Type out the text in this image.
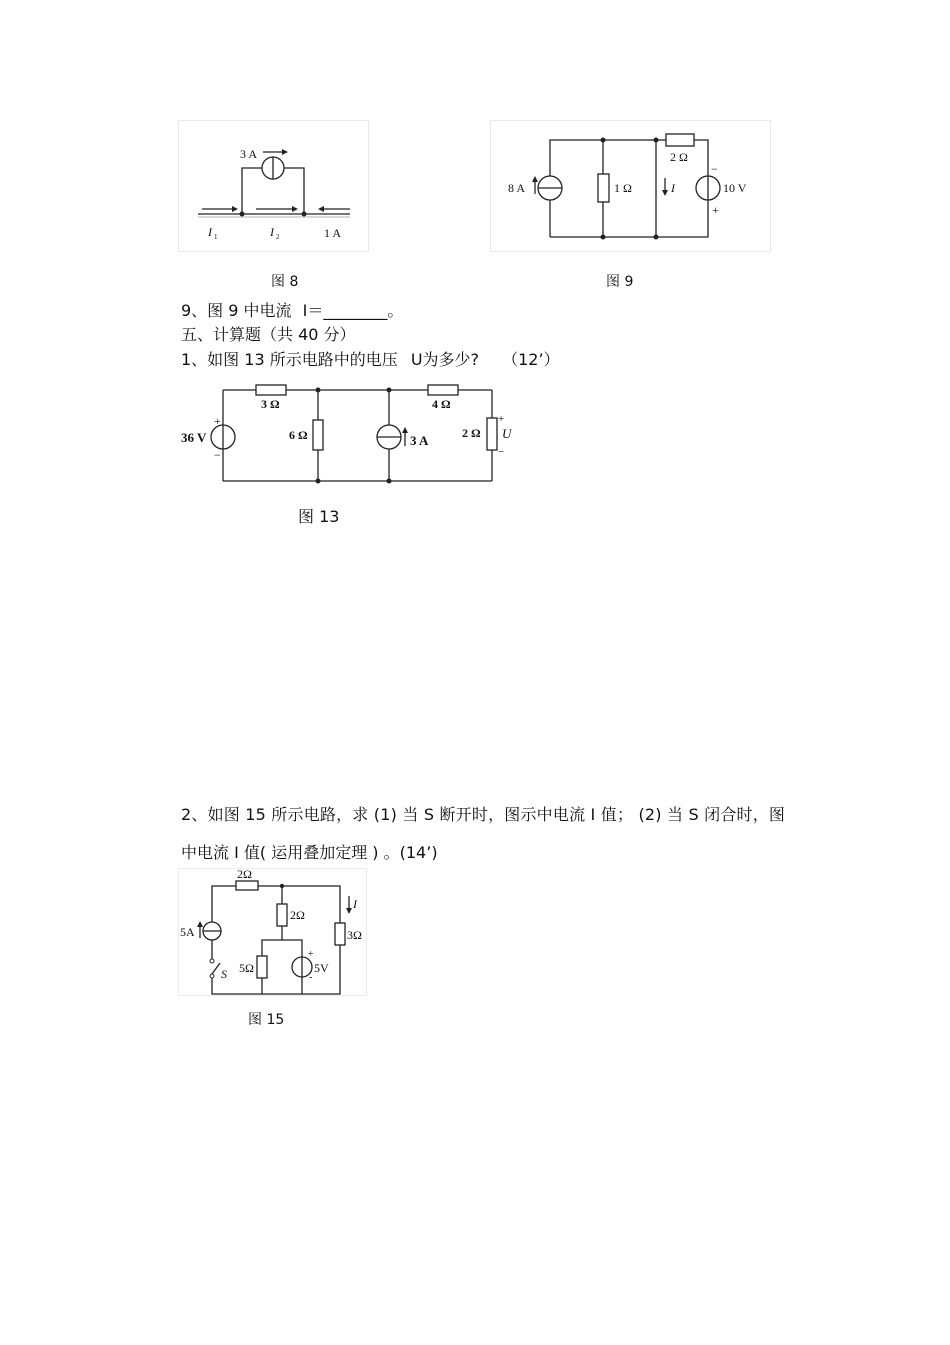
3 A
I 1	I 2	1 A
图 8
8 A	1 Ω
2 Ω
I	10 V
−
+
图 9
9、图 9 中电流 I＝________。
五、计算题（共 40 分）
1、如图 13 所示电路中的电压 U为多少? （12’）
36 V
+
−
3 Ω
6 Ω	3 A
4 Ω
2 Ω U
+
−
图 13
2、如图 15 所示电路，求 (1) 当 S 断开时，图示中电流 I 值； (2) 当 S 闭合时，图
中电流 I 值( 运用叠加定理 ) 。(14’)
5A
S
2Ω
2Ω
5Ω
+
5V
-
3Ω
I
图 15
